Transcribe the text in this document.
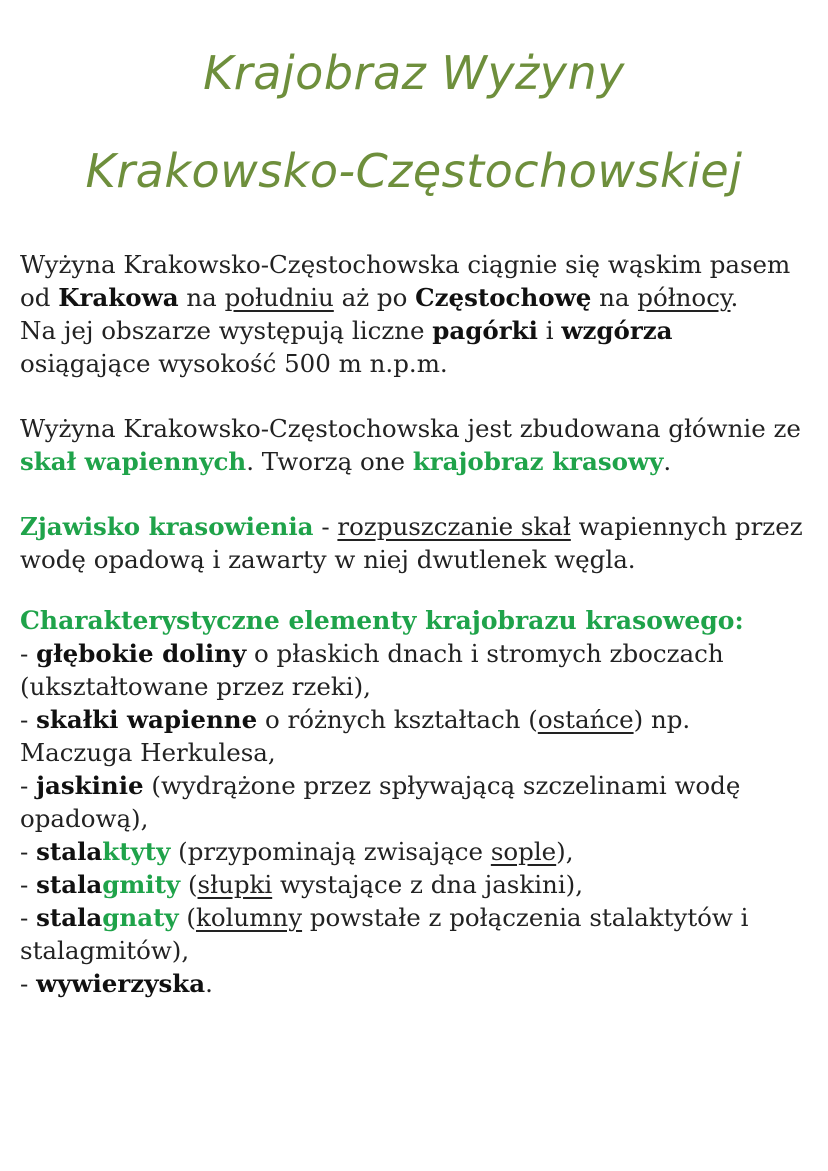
Krajobraz Wyżyny
Krakowsko-Częstochowskiej

Wyżyna Krakowsko-Częstochowska ciągnie się wąskim pasem od Krakowa na południu aż po Częstochowę na północy.

Na jej obszarze występują liczne pagórki i wzgórza osiągające wysokość 500 m n.p.m.

Wyżyna Krakowsko-Częstochowska jest zbudowana głównie ze skał wapiennych. Tworzą one krajobraz krasowy.

Zjawisko krasowienia - rozpuszczanie skał wapiennych przez wodę opadową i zawarty w niej dwutlenek węgla.

Charakterystyczne elementy krajobrazu krasowego:

- głębokie doliny o płaskich dnach i stromych zboczach (ukształtowane przez rzeki),

- skałki wapienne o różnych kształtach (ostańce) np. Maczuga Herkulesa,

- jaskinie (wydrążone przez spływającą szczelinami wodę opadową),

- stalaktyty (przypominają zwisające sople),

- stalagmity (słupki wystające z dna jaskini),

- stalagnaty (kolumny powstałe z połączenia stalaktytów i stalagmitów),

- wywierzyska.
